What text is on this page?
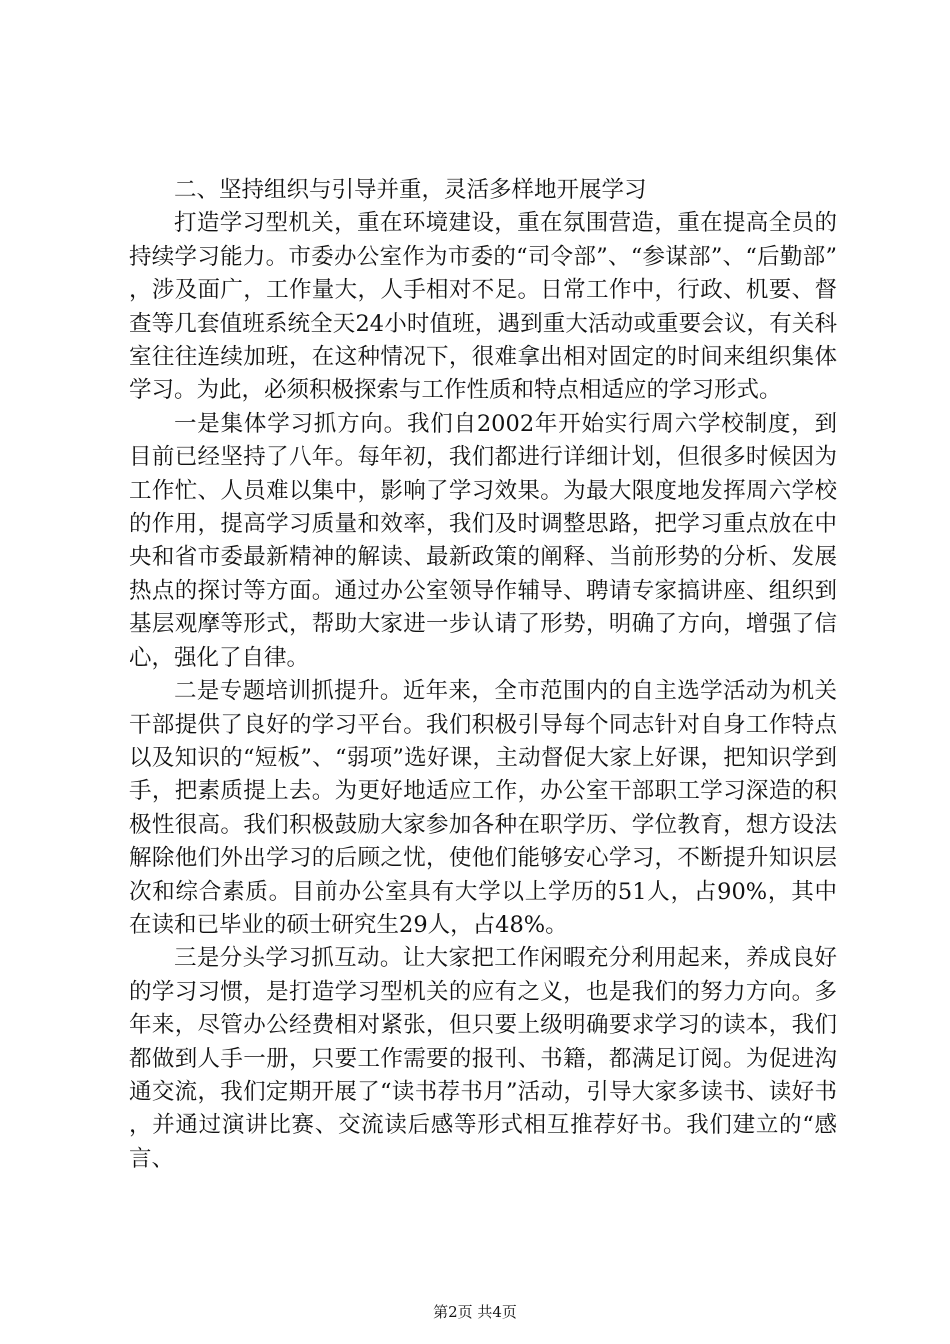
二、坚持组织与引导并重，灵活多样地开展学习

打造学习型机关，重在环境建设，重在氛围营造，重在提高全员的持续学习能力。市委办公室作为市委的“司令部”、“参谋部”、“后勤部”，涉及面广，工作量大，人手相对不足。日常工作中，行政、机要、督查等几套值班系统全天24小时值班，遇到重大活动或重要会议，有关科室往往连续加班，在这种情况下，很难拿出相对固定的时间来组织集体学习。为此，必须积极探索与工作性质和特点相适应的学习形式。

一是集体学习抓方向。我们自2002年开始实行周六学校制度，到目前已经坚持了八年。每年初，我们都进行详细计划，但很多时候因为工作忙、人员难以集中，影响了学习效果。为最大限度地发挥周六学校的作用，提高学习质量和效率，我们及时调整思路，把学习重点放在中央和省市委最新精神的解读、最新政策的阐释、当前形势的分析、发展热点的探讨等方面。通过办公室领导作辅导、聘请专家搞讲座、组织到基层观摩等形式，帮助大家进一步认请了形势，明确了方向，增强了信心，强化了自律。

二是专题培训抓提升。近年来，全市范围内的自主选学活动为机关干部提供了良好的学习平台。我们积极引导每个同志针对自身工作特点以及知识的“短板”、“弱项”选好课，主动督促大家上好课，把知识学到手，把素质提上去。为更好地适应工作，办公室干部职工学习深造的积极性很高。我们积极鼓励大家参加各种在职学历、学位教育，想方设法解除他们外出学习的后顾之忧，使他们能够安心学习，不断提升知识层次和综合素质。目前办公室具有大学以上学历的51人，占90%，其中在读和已毕业的硕士研究生29人，占48%。

三是分头学习抓互动。让大家把工作闲暇充分利用起来，养成良好的学习习惯，是打造学习型机关的应有之义，也是我们的努力方向。多年来，尽管办公经费相对紧张，但只要上级明确要求学习的读本，我们都做到人手一册，只要工作需要的报刊、书籍，都满足订阅。为促进沟通交流，我们定期开展了“读书荐书月”活动，引导大家多读书、读好书，并通过演讲比赛、交流读后感等形式相互推荐好书。我们建立的“感言、

第2页 共4页
